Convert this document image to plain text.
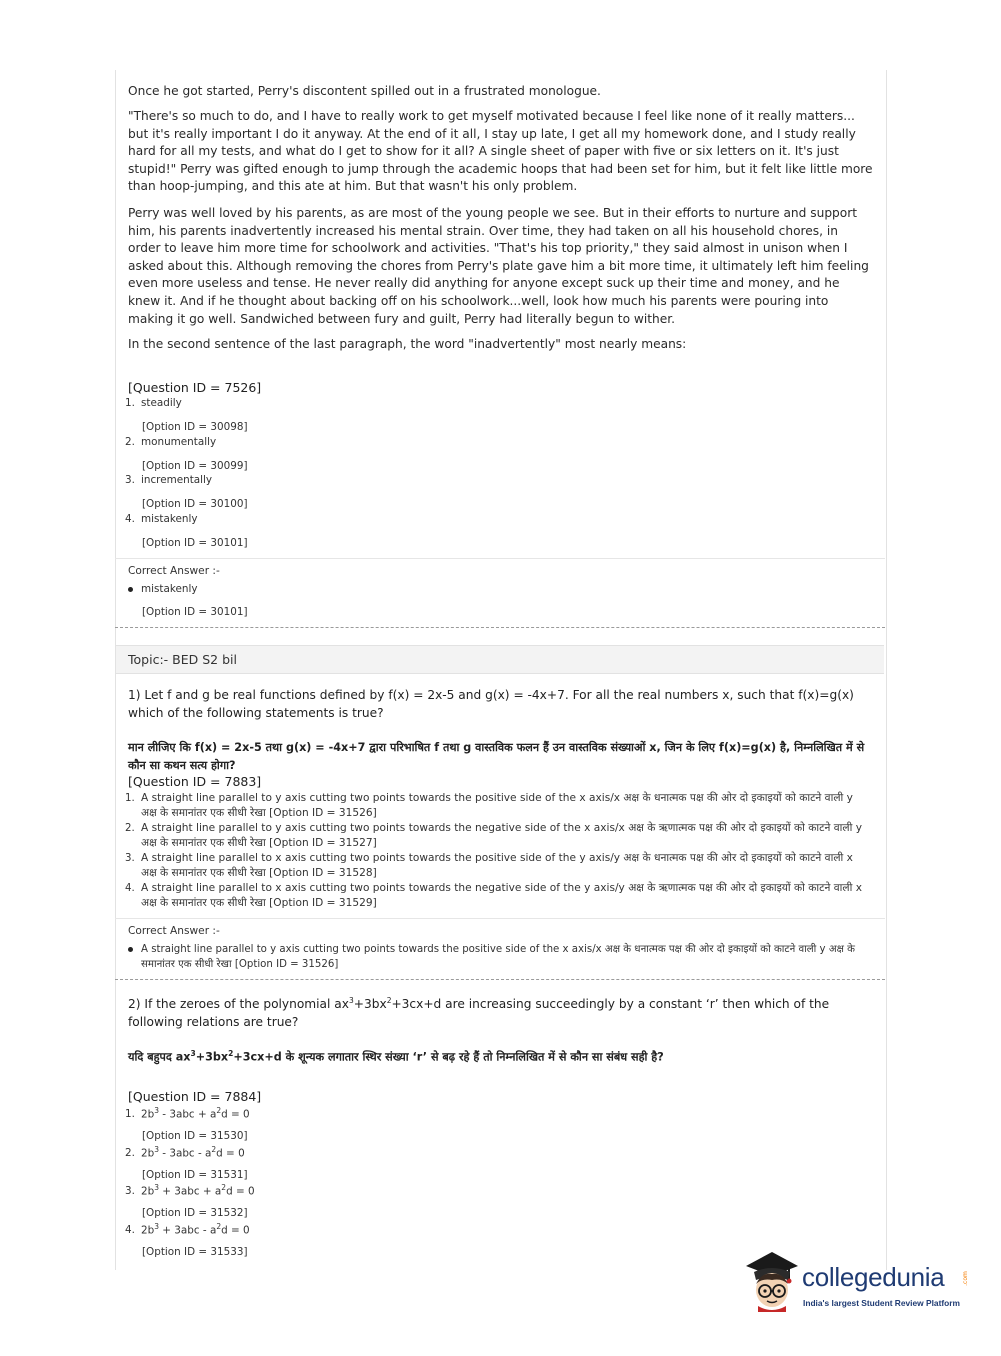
Once he got started, Perry's discontent spilled out in a frustrated monologue.
"There's so much to do, and I have to really work to get myself motivated because I feel like none of it really matters... but it's really important I do it anyway. At the end of it all, I stay up late, I get all my homework done, and I study really hard for all my tests, and what do I get to show for it all? A single sheet of paper with five or six letters on it. It's just stupid!" Perry was gifted enough to jump through the academic hoops that had been set for him, but it felt like little more than hoop-jumping, and this ate at him. But that wasn't his only problem.
Perry was well loved by his parents, as are most of the young people we see. But in their efforts to nurture and support him, his parents inadvertently increased his mental strain. Over time, they had taken on all his household chores, in order to leave him more time for schoolwork and activities. "That's his top priority," they said almost in unison when I asked about this. Although removing the chores from Perry's plate gave him a bit more time, it ultimately left him feeling even more useless and tense. He never really did anything for anyone except suck up their time and money, and he knew it. And if he thought about backing off on his schoolwork...well, look how much his parents were pouring into making it go well. Sandwiched between fury and guilt, Perry had literally begun to wither.
In the second sentence of the last paragraph, the word "inadvertently" most nearly means:
[Question ID = 7526]
1. steadily
[Option ID = 30098]
2. monumentally
[Option ID = 30099]
3. incrementally
[Option ID = 30100]
4. mistakenly
[Option ID = 30101]
Correct Answer :-
mistakenly
[Option ID = 30101]
Topic:- BED S2 bil
1) Let f and g be real functions defined by f(x) = 2x-5 and g(x) = -4x+7. For all the real numbers x, such that f(x)=g(x) which of the following statements is true?
मान लीजिए कि f(x) = 2x-5 तथा g(x) = -4x+7 द्वारा परिभाषित f तथा g वास्तविक फलन हैं उन वास्तविक संख्याओं x, जिन के लिए f(x)=g(x) है, निम्नलिखित में से कौन सा कथन सत्य होगा?
[Question ID = 7883]
1. A straight line parallel to y axis cutting two points towards the positive side of the x axis/x अक्ष के धनात्मक पक्ष की ओर दो इकाइयों को काटने वाली y अक्ष के समानांतर एक सीधी रेखा [Option ID = 31526]
2. A straight line parallel to y axis cutting two points towards the negative side of the x axis/x अक्ष के ऋणात्मक पक्ष की ओर दो इकाइयों को काटने वाली y अक्ष के समानांतर एक सीधी रेखा [Option ID = 31527]
3. A straight line parallel to x axis cutting two points towards the positive side of the y axis/y अक्ष के धनात्मक पक्ष की ओर दो इकाइयों को काटने वाली x अक्ष के समानांतर एक सीधी रेखा [Option ID = 31528]
4. A straight line parallel to x axis cutting two points towards the negative side of the y axis/y अक्ष के ऋणात्मक पक्ष की ओर दो इकाइयों को काटने वाली x अक्ष के समानांतर एक सीधी रेखा [Option ID = 31529]
Correct Answer :-
A straight line parallel to y axis cutting two points towards the positive side of the x axis/x अक्ष के धनात्मक पक्ष की ओर दो इकाइयों को काटने वाली y अक्ष के समानांतर एक सीधी रेखा [Option ID = 31526]
2) If the zeroes of the polynomial $ax^3+3bx^2+3cx+d$ are increasing succeedingly by a constant ‘r’ then which of the following relations are true?
यदि बहुपद $ax^3+3bx^2+3cx+d$ के शून्यक लगातार स्थिर संख्या ‘r’ से बढ़ रहे हैं तो निम्नलिखित में से कौन सा संबंध सही है?
[Question ID = 7884]
1. $2b^3 - 3abc + a^2d = 0$
[Option ID = 31530]
2. $2b^3 - 3abc - a^2d = 0$
[Option ID = 31531]
3. $2b^3 + 3abc + a^2d = 0$
[Option ID = 31532]
4. $2b^3 + 3abc - a^2d = 0$
[Option ID = 31533]
collegedunia	.com
India's largest Student Review Platform
